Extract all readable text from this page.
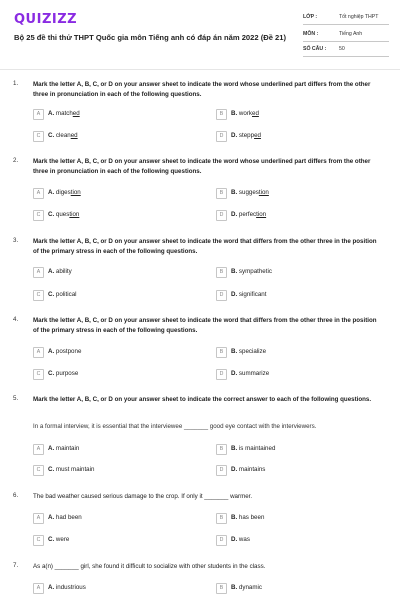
QUIZIZZ
Bộ 25 đề thi thử THPT Quốc gia môn Tiếng anh có đáp án năm 2022 (Đề 21)
LỚP :	Tốt nghiệp THPT
MÔN :	Tiếng Anh
SỐ CÂU : 50
1. Mark the letter A, B, C, or D on your answer sheet to indicate the word whose underlined part differs from the other three in pronunciation in each of the following questions.
A	A. matched	B	B. worked
C	C. cleaned	D	D. stepped
2. Mark the letter A, B, C, or D on your answer sheet to indicate the word whose underlined part differs from the other three in pronunciation in each of the following questions.
A	A. digestion	B	B. suggestion
C	C. question	D	D. perfection
3. Mark the letter A, B, C, or D on your answer sheet to indicate the word that differs from the other three in the position of the primary stress in each of the following questions.
A	A. ability	B	B. sympathetic
C	C. political	D	D. significant
4. Mark the letter A, B, C, or D on your answer sheet to indicate the word that differs from the other three in the position of the primary stress in each of the following questions.
A	A. postpone	B	B. specialize
C	C. purpose	D	D. summarize
5. Mark the letter A, B, C, or D on your answer sheet to indicate the correct answer to each of the following questions.
In a formal interview, it is essential that the interviewee _______ good eye contact with the interviewers.
A	A. maintain	B	B. is maintained
C	C. must maintain	D	D. maintains
6. The bad weather caused serious damage to the crop. If only it _______ warmer.
A	A. had been	B	B. has been
C	C. were	D	D. was
7. As a(n) _______ girl, she found it difficult to socialize with other students in the class.
A	A. industrious	B	B. dynamic
